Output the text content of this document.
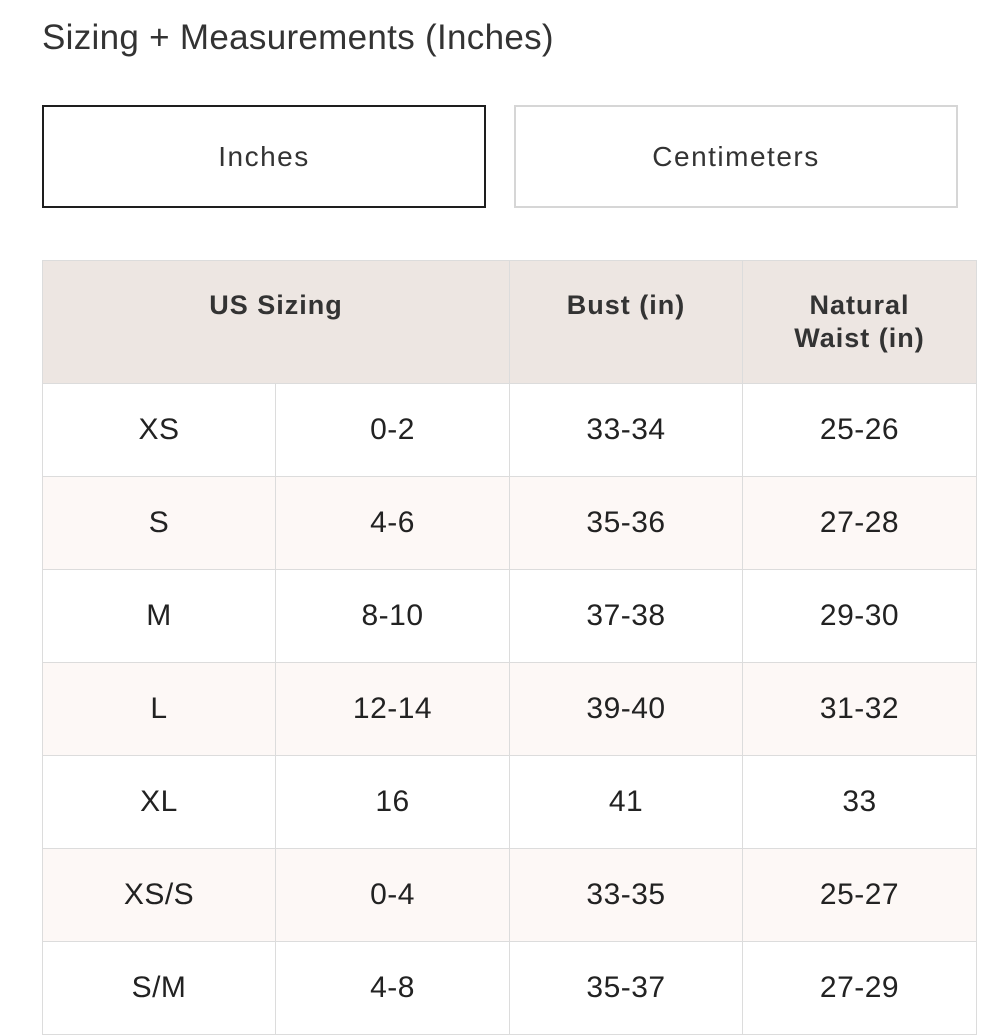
Sizing + Measurements (Inches)
Inches	Centimeters
US Sizing		Bust (in)	Natural
Waist (in)
XS	0-2	33-34	25-26
S	4-6	35-36	27-28
M	8-10	37-38	29-30
L	12-14	39-40	31-32
XL	16	41	33
XS/S	0-4	33-35	25-27
S/M	4-8	35-37	27-29
